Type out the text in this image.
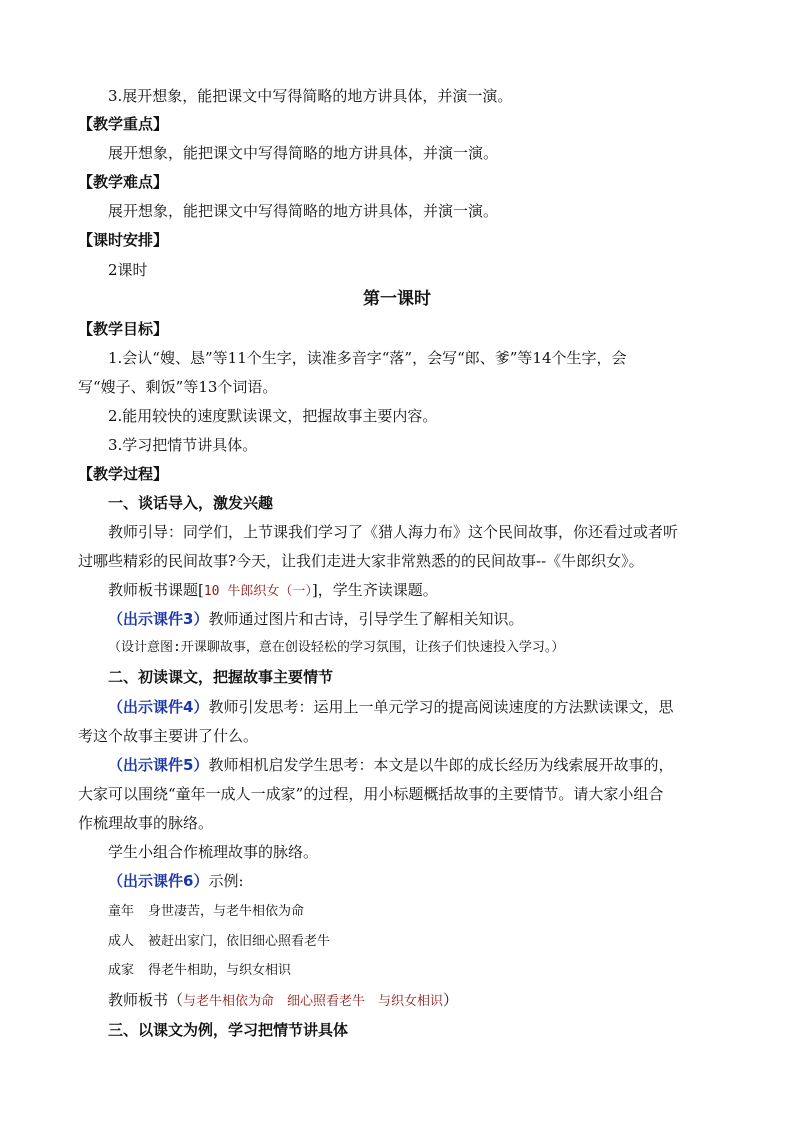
3.展开想象，能把课文中写得简略的地方讲具体，并演一演。
【教学重点】
展开想象，能把课文中写得简略的地方讲具体，并演一演。
【教学难点】
展开想象，能把课文中写得简略的地方讲具体，并演一演。
【课时安排】
2课时
第一课时
【教学目标】
1.会认“嫂、恳”等11个生字，读准多音字“落”，会写“郎、爹”等14个生字，会
写“嫂子、剩饭”等13个词语。
2.能用较快的速度默读课文，把握故事主要内容。
3.学习把情节讲具体。
【教学过程】
一、谈话导入，激发兴趣
教师引导：同学们，上节课我们学习了《猎人海力布》这个民间故事，你还看过或者听
过哪些精彩的民间故事?今天，让我们走进大家非常熟悉的的民间故事--《牛郎织女》。
教师板书课题[10 牛郎织女（一）]，学生齐读课题。
（出示课件3）教师通过图片和古诗，引导学生了解相关知识。
（设计意图:开课聊故事，意在创设轻松的学习氛围，让孩子们快速投入学习。）
二、初读课文，把握故事主要情节
（出示课件4）教师引发思考：运用上一单元学习的提高阅读速度的方法默读课文，思
考这个故事主要讲了什么。
（出示课件5）教师相机启发学生思考：本文是以牛郎的成长经历为线索展开故事的，
大家可以围绕“童年一成人一成家”的过程，用小标题概括故事的主要情节。请大家小组合
作梳理故事的脉络。
学生小组合作梳理故事的脉络。
（出示课件6）示例:
童年 身世凄苦，与老牛相依为命
成人 被赶出家门，依旧细心照看老牛
成家 得老牛相助，与织女相识
教师板书（与老牛相依为命　细心照看老牛　与织女相识）
三、以课文为例，学习把情节讲具体
